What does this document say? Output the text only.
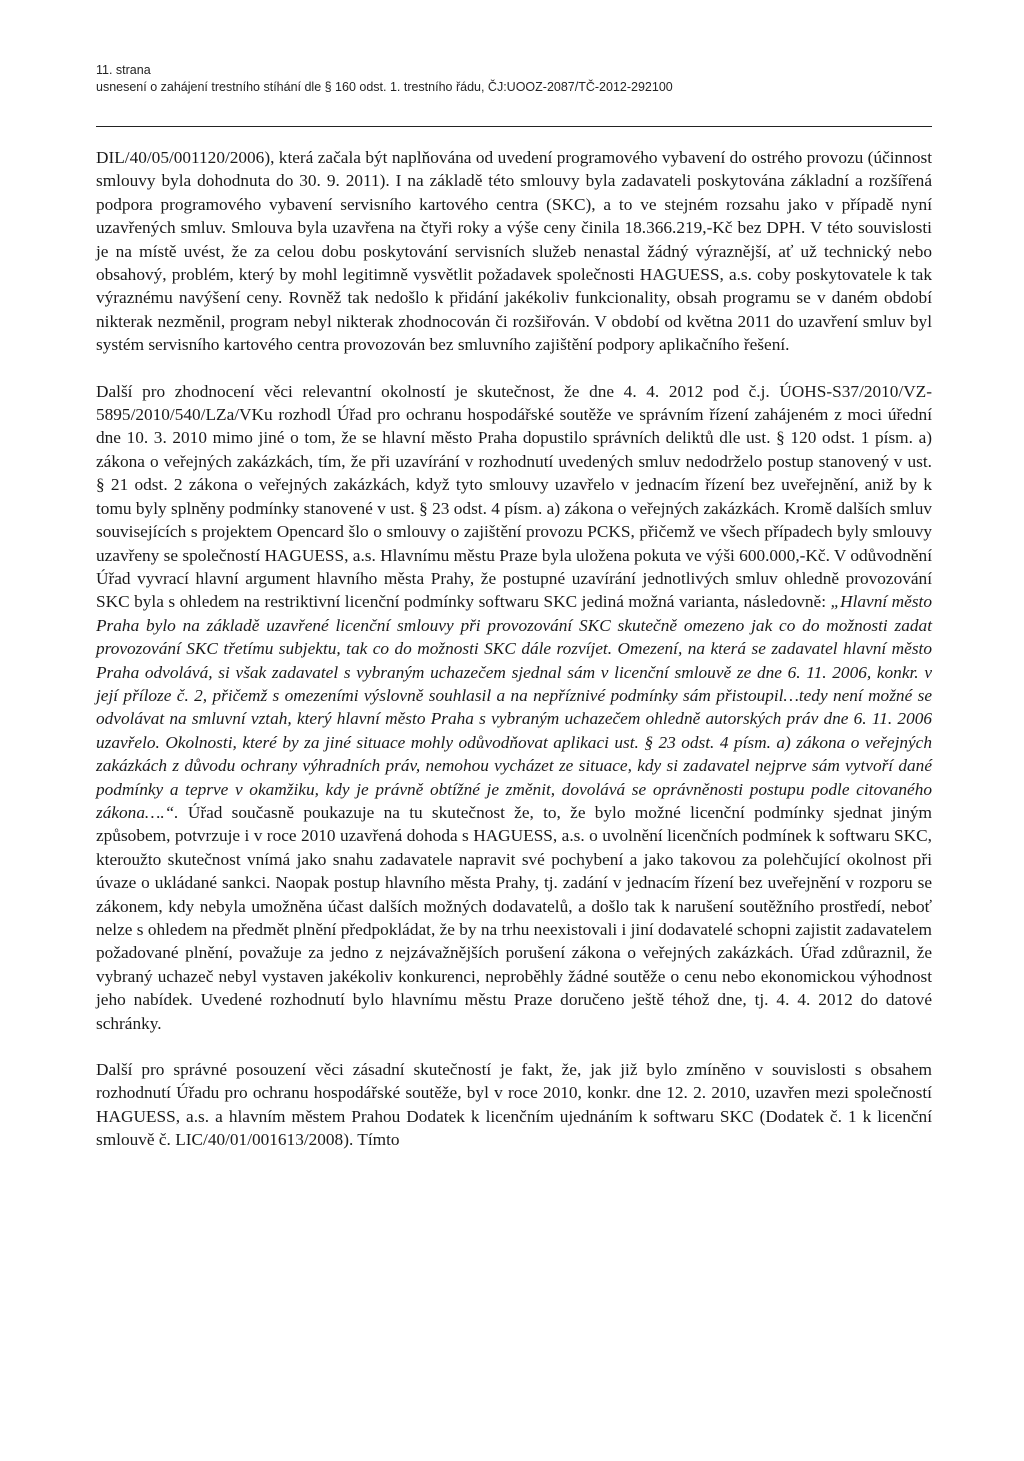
11. strana
usnesení o zahájení trestního stíhání dle § 160 odst. 1. trestního řádu, ČJ:UOOZ-2087/TČ-2012-292100

DIL/40/05/001120/2006), která začala být naplňována od uvedení programového vybavení do ostrého provozu (účinnost smlouvy byla dohodnuta do 30. 9. 2011). I na základě této smlouvy byla zadavateli poskytována základní a rozšířená podpora programového vybavení servisního kartového centra (SKC), a to ve stejném rozsahu jako v případě nyní uzavřených smluv. Smlouva byla uzavřena na čtyři roky a výše ceny činila 18.366.219,-Kč bez DPH. V této souvislosti je na místě uvést, že za celou dobu poskytování servisních služeb nenastal žádný výraznější, ať už technický nebo obsahový, problém, který by mohl legitimně vysvětlit požadavek společnosti HAGUESS, a.s. coby poskytovatele k tak výraznému navýšení ceny. Rovněž tak nedošlo k přidání jakékoliv funkcionality, obsah programu se v daném období nikterak nezměnil, program nebyl nikterak zhodnocován či rozšiřován. V období od května 2011 do uzavření smluv byl systém servisního kartového centra provozován bez smluvního zajištění podpory aplikačního řešení.

Další pro zhodnocení věci relevantní okolností je skutečnost, že dne 4. 4. 2012 pod č.j. ÚOHS-S37/2010/VZ-5895/2010/540/LZa/VKu rozhodl Úřad pro ochranu hospodářské soutěže ve správním řízení zahájeném z moci úřední dne 10. 3. 2010 mimo jiné o tom, že se hlavní město Praha dopustilo správních deliktů dle ust. § 120 odst. 1 písm. a) zákona o veřejných zakázkách, tím, že při uzavírání v rozhodnutí uvedených smluv nedodrželo postup stanovený v ust. § 21 odst. 2 zákona o veřejných zakázkách, když tyto smlouvy uzavřelo v jednacím řízení bez uveřejnění, aniž by k tomu byly splněny podmínky stanovené v ust. § 23 odst. 4 písm. a) zákona o veřejných zakázkách. Kromě dalších smluv souvisejících s projektem Opencard šlo o smlouvy o zajištění provozu PCKS, přičemž ve všech případech byly smlouvy uzavřeny se společností HAGUESS, a.s. Hlavnímu městu Praze byla uložena pokuta ve výši 600.000,-Kč. V odůvodnění Úřad vyvrací hlavní argument hlavního města Prahy, že postupné uzavírání jednotlivých smluv ohledně provozování SKC byla s ohledem na restriktivní licenční podmínky softwaru SKC jediná možná varianta, následovně: „Hlavní město Praha bylo na základě uzavřené licenční smlouvy při provozování SKC skutečně omezeno jak co do možnosti zadat provozování SKC třetímu subjektu, tak co do možnosti SKC dále rozvíjet. Omezení, na která se zadavatel hlavní město Praha odvolává, si však zadavatel s vybraným uchazečem sjednal sám v licenční smlouvě ze dne 6. 11. 2006, konkr. v její příloze č. 2, přičemž s omezeními výslovně souhlasil a na nepříznivé podmínky sám přistoupil…tedy není možné se odvolávat na smluvní vztah, který hlavní město Praha s vybraným uchazečem ohledně autorských práv dne 6. 11. 2006 uzavřelo. Okolnosti, které by za jiné situace mohly odůvodňovat aplikaci ust. § 23 odst. 4 písm. a) zákona o veřejných zakázkách z důvodu ochrany výhradních práv, nemohou vycházet ze situace, kdy si zadavatel nejprve sám vytvoří dané podmínky a teprve v okamžiku, kdy je právně obtížné je změnit, dovolává se oprávněnosti postupu podle citovaného zákona….“. Úřad současně poukazuje na tu skutečnost že, to, že bylo možné licenční podmínky sjednat jiným způsobem, potvrzuje i v roce 2010 uzavřená dohoda s HAGUESS, a.s. o uvolnění licenčních podmínek k softwaru SKC, kteroužto skutečnost vnímá jako snahu zadavatele napravit své pochybení a jako takovou za polehčující okolnost při úvaze o ukládané sankci. Naopak postup hlavního města Prahy, tj. zadání v jednacím řízení bez uveřejnění v rozporu se zákonem, kdy nebyla umožněna účast dalších možných dodavatelů, a došlo tak k narušení soutěžního prostředí, neboť nelze s ohledem na předmět plnění předpokládat, že by na trhu neexistovali i jiní dodavatelé schopni zajistit zadavatelem požadované plnění, považuje za jedno z nejzávažnějších porušení zákona o veřejných zakázkách. Úřad zdůraznil, že vybraný uchazeč nebyl vystaven jakékoliv konkurenci, neproběhly žádné soutěže o cenu nebo ekonomickou výhodnost jeho nabídek. Uvedené rozhodnutí bylo hlavnímu městu Praze doručeno ještě téhož dne, tj. 4. 4. 2012 do datové schránky.

Další pro správné posouzení věci zásadní skutečností je fakt, že, jak již bylo zmíněno v souvislosti s obsahem rozhodnutí Úřadu pro ochranu hospodářské soutěže, byl v roce 2010, konkr. dne 12. 2. 2010, uzavřen mezi společností HAGUESS, a.s. a hlavním městem Prahou Dodatek k licenčním ujednáním k softwaru SKC (Dodatek č. 1 k licenční smlouvě č. LIC/40/01/001613/2008). Tímto
